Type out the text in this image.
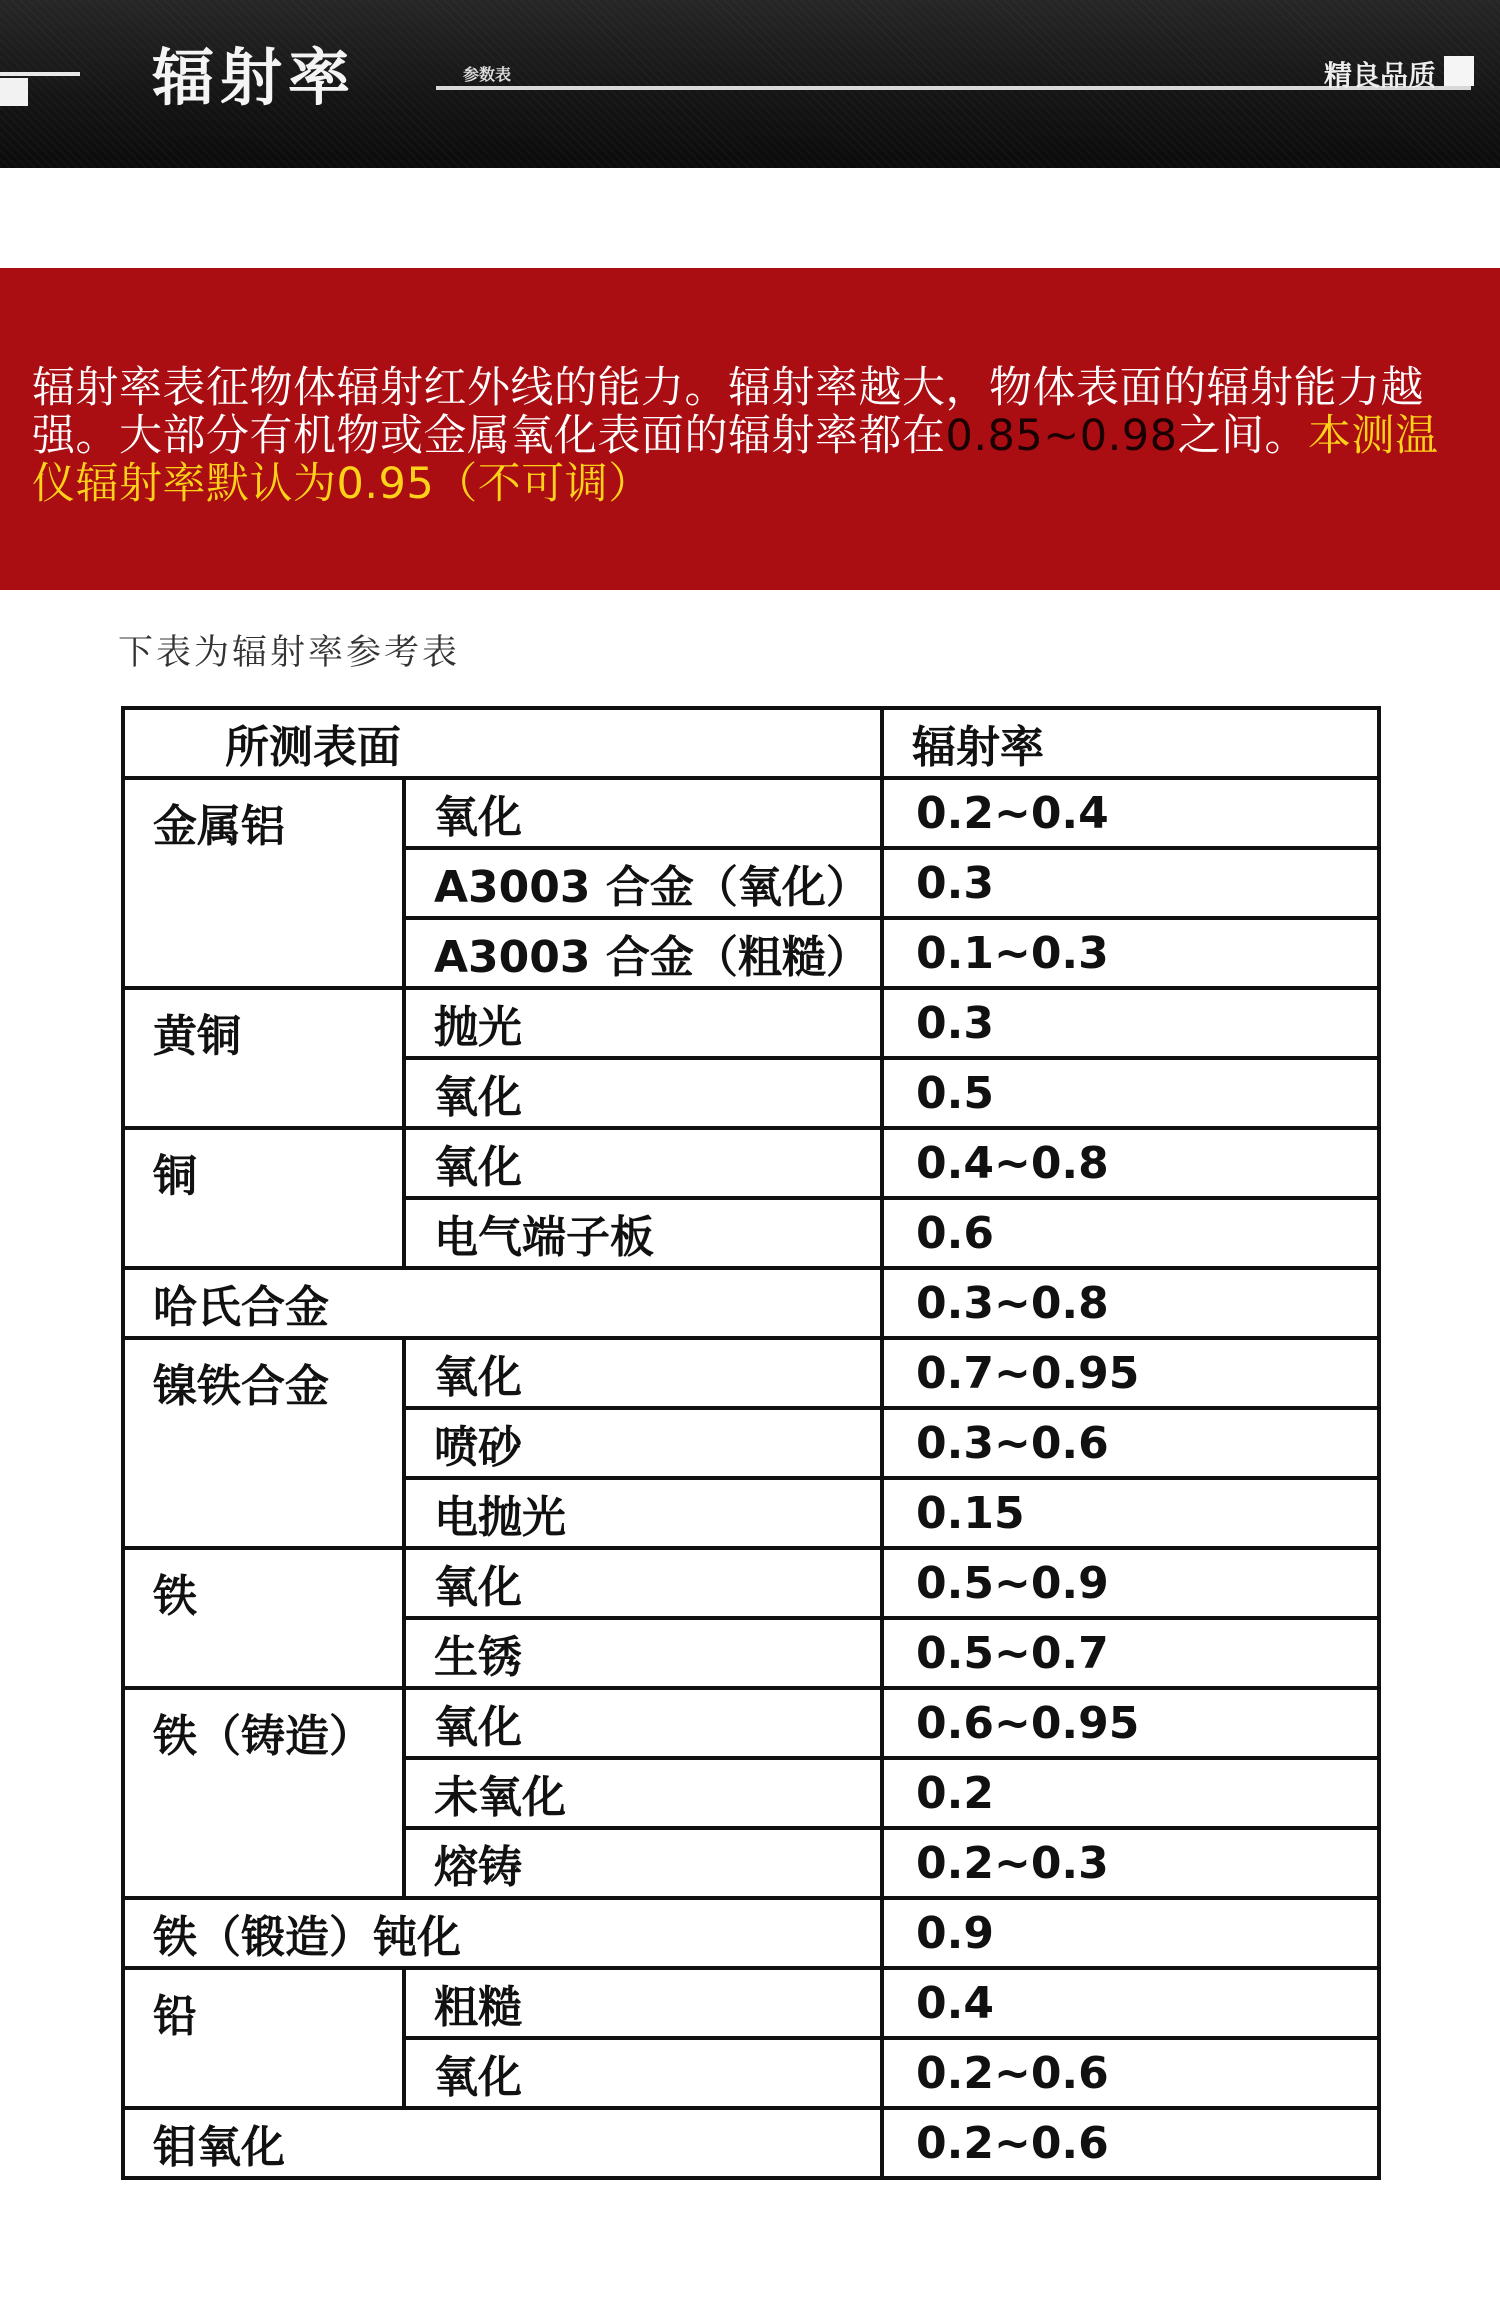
辐射率	参数表	精良品质
辐射率表征物体辐射红外线的能力。辐射率越大，物体表面的辐射能力越强。大部分有机物或金属氧化表面的辐射率都在0.85~0.98之间。本测温仪辐射率默认为0.95（不可调）
下表为辐射率参考表
所测表面		辐射率
金属铝	氧化	0.2~0.4
	A3003 合金（氧化）	0.3
	A3003 合金（粗糙）	0.1~0.3
黄铜	抛光	0.3
	氧化	0.5
铜	氧化	0.4~0.8
	电气端子板	0.6
哈氏合金		0.3~0.8
镍铁合金	氧化	0.7~0.95
	喷砂	0.3~0.6
	电抛光	0.15
铁	氧化	0.5~0.9
	生锈	0.5~0.7
铁（铸造）	氧化	0.6~0.95
	未氧化	0.2
	熔铸	0.2~0.3
铁（锻造）钝化		0.9
铅	粗糙	0.4
	氧化	0.2~0.6
钼氧化		0.2~0.6
